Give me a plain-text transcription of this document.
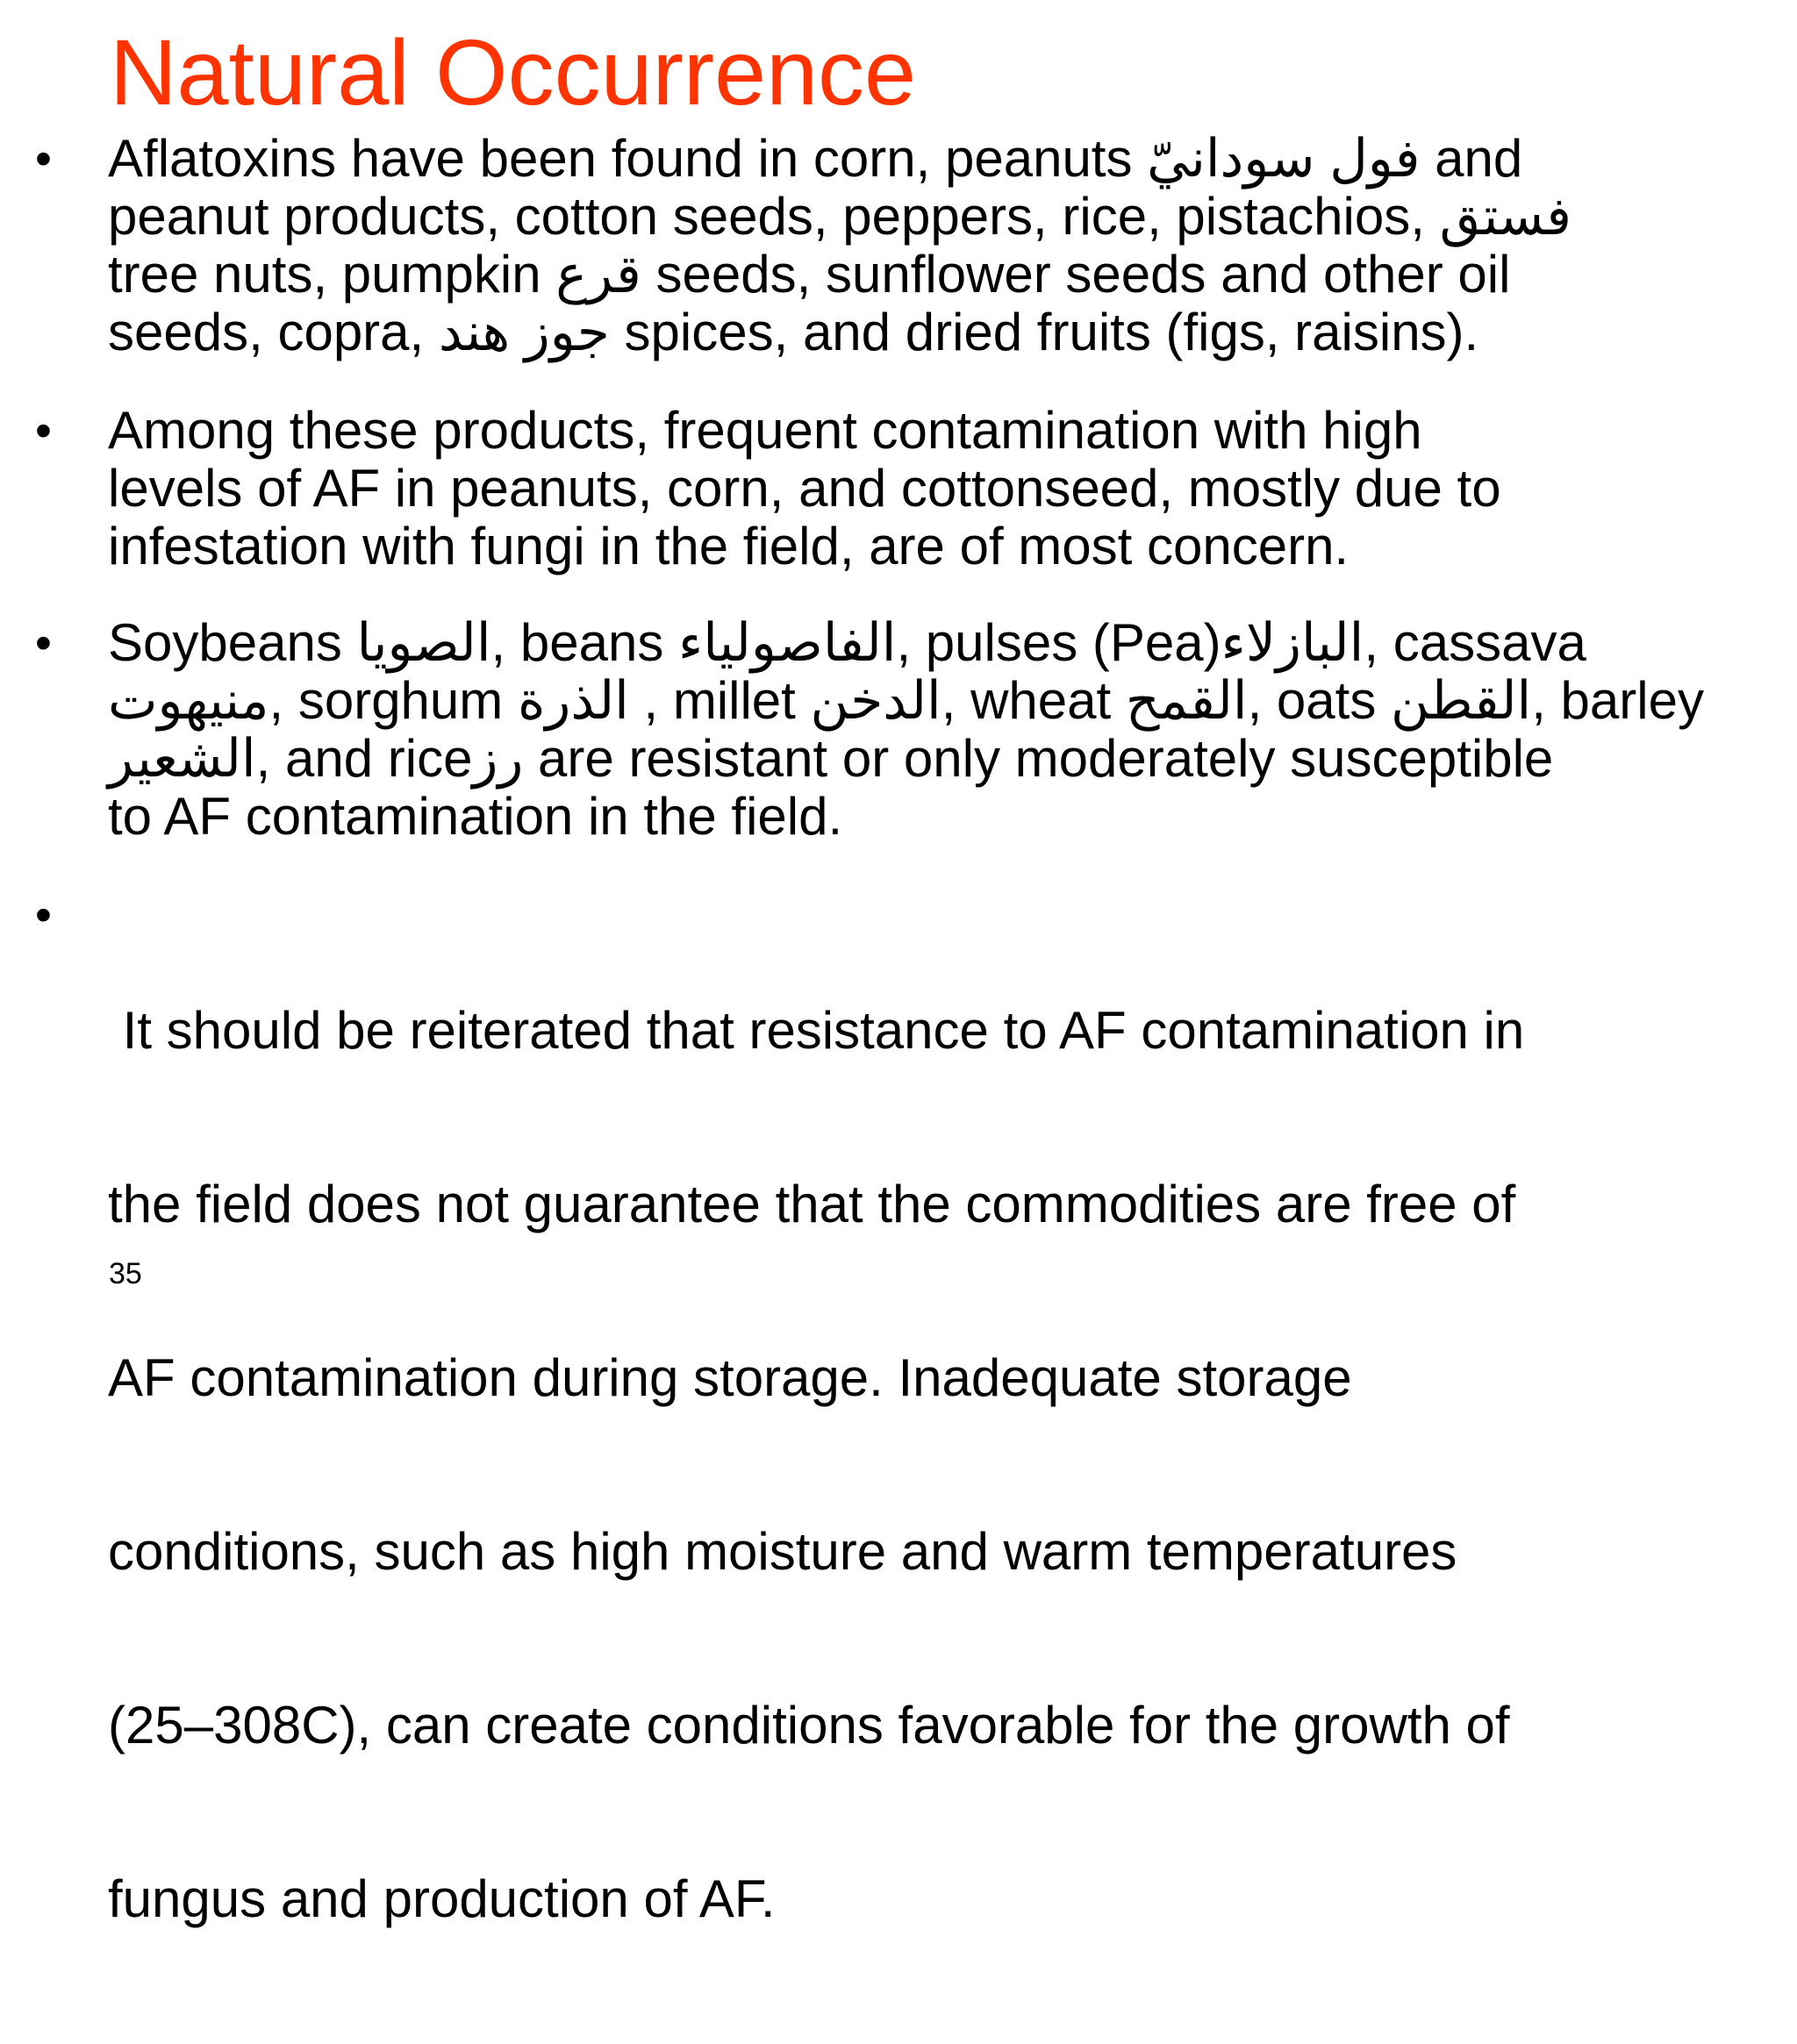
Natural Occurrence
• Aflatoxins have been found in corn, peanuts فول سودانيّ and
peanut products, cotton seeds, peppers, rice, pistachios, فستق
tree nuts, pumpkin قرع seeds, sunflower seeds and other oil
seeds, copra, جوز هند spices, and dried fruits (figs, raisins).
• Among these products, frequent contamination with high
levels of AF in peanuts, corn, and cottonseed, mostly due to
infestation with fungi in the field, are of most concern.
• Soybeans الصويا, beans الفاصولياء, pulses (Pea)البازلاء, cassava
منيهوت, sorghum الذرة , millet الدخن, wheat القمح, oats القطن, barley
الشعير, and riceرز are resistant or only moderately susceptible
to AF contamination in the field.
•

It should be reiterated that resistance to AF contamination in

the field does not guarantee that the commodities are free of

AF contamination during storage. Inadequate storage

conditions, such as high moisture and warm temperatures

(25–308C), can create conditions favorable for the growth of

fungus and production of AF.

35
